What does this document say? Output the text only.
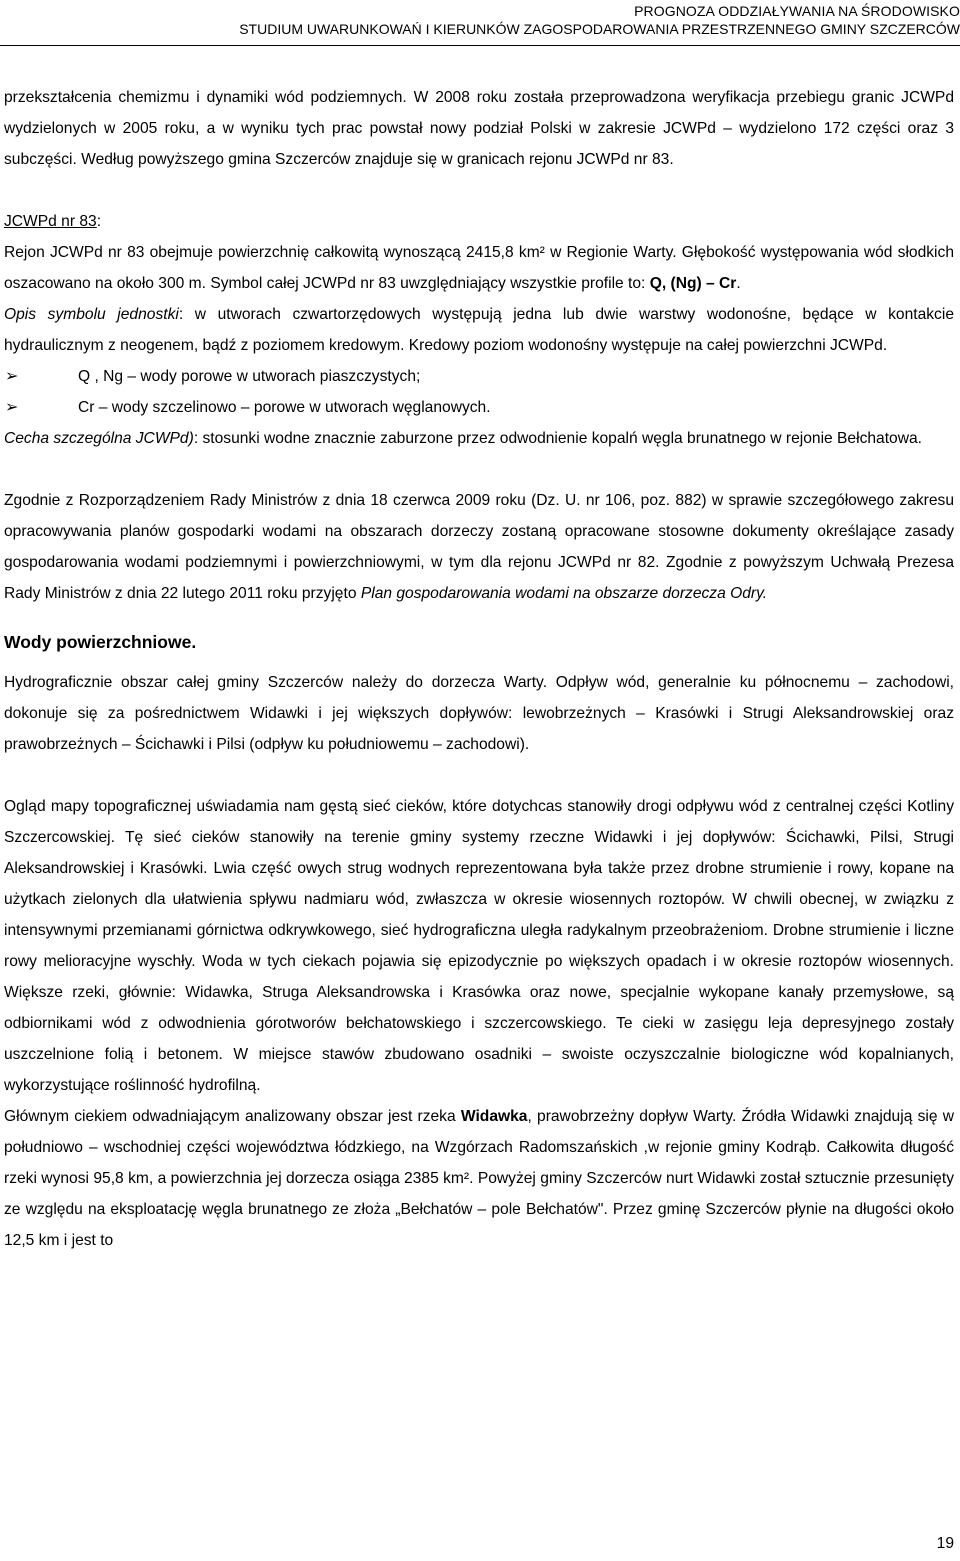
PROGNOZA ODDZIAŁYWANIA NA ŚRODOWISKO
STUDIUM UWARUNKOWAŃ I KIERUNKÓW ZAGOSPODAROWANIA PRZESTRZENNEGO GMINY SZCZERCÓW

przekształcenia chemizmu i dynamiki wód podziemnych. W 2008 roku została przeprowadzona weryfikacja przebiegu granic JCWPd wydzielonych w 2005 roku, a w wyniku tych prac powstał nowy podział Polski w zakresie JCWPd – wydzielono 172 części oraz 3 subczęści. Według powyższego gmina Szczerców znajduje się w granicach rejonu JCWPd nr 83.

JCWPd nr 83:

Rejon JCWPd nr 83 obejmuje powierzchnię całkowitą wynoszącą 2415,8 km² w Regionie Warty. Głębokość występowania wód słodkich oszacowano na około 300 m. Symbol całej JCWPd nr 83 uwzględniający wszystkie profile to: Q, (Ng) – Cr.

Opis symbolu jednostki: w utworach czwartorzędowych występują jedna lub dwie warstwy wodonośne, będące w kontakcie hydraulicznym z neogenem, bądź z poziomem kredowym. Kredowy poziom wodonośny występuje na całej powierzchni JCWPd.

➢	Q , Ng – wody porowe w utworach piaszczystych;
➢	Cr – wody szczelinowo – porowe w utworach węglanowych.

Cecha szczególna JCWPd): stosunki wodne znacznie zaburzone przez odwodnienie kopalń węgla brunatnego w rejonie Bełchatowa.

Zgodnie z Rozporządzeniem Rady Ministrów z dnia 18 czerwca 2009 roku (Dz. U. nr 106, poz. 882) w sprawie szczegółowego zakresu opracowywania planów gospodarki wodami na obszarach dorzeczy zostaną opracowane stosowne dokumenty określające zasady gospodarowania wodami podziemnymi i powierzchniowymi, w tym dla rejonu JCWPd nr 82. Zgodnie z powyższym Uchwałą Prezesa Rady Ministrów z dnia 22 lutego 2011 roku przyjęto Plan gospodarowania wodami na obszarze dorzecza Odry.

Wody powierzchniowe.

Hydrograficznie obszar całej gminy Szczerców należy do dorzecza Warty. Odpływ wód, generalnie ku północnemu – zachodowi, dokonuje się za pośrednictwem Widawki i jej większych dopływów: lewobrzeżnych – Krasówki i Strugi Aleksandrowskiej oraz prawobrzeżnych – Ścichawki i Pilsi (odpływ ku południowemu – zachodowi).

Ogląd mapy topograficznej uświadamia nam gęstą sieć cieków, które dotychcas stanowiły drogi odpływu wód z centralnej części Kotliny Szczercowskiej. Tę sieć cieków stanowiły na terenie gminy systemy rzeczne Widawki i jej dopływów: Ścichawki, Pilsi, Strugi Aleksandrowskiej i Krasówki. Lwia część owych strug wodnych reprezentowana była także przez drobne strumienie i rowy, kopane na użytkach zielonych dla ułatwienia spływu nadmiaru wód, zwłaszcza w okresie wiosennych roztopów. W chwili obecnej, w związku z intensywnymi przemianami górnictwa odkrywkowego, sieć hydrograficzna uległa radykalnym przeobrażeniom. Drobne strumienie i liczne rowy melioracyjne wyschły. Woda w tych ciekach pojawia się epizodycznie po większych opadach i w okresie roztopów wiosennych. Większe rzeki, głównie: Widawka, Struga Aleksandrowska i Krasówka oraz nowe, specjalnie wykopane kanały przemysłowe, są odbiornikami wód z odwodnienia górotworów bełchatowskiego i szczercowskiego. Te cieki w zasięgu leja depresyjnego zostały uszczelnione folią i betonem. W miejsce stawów zbudowano osadniki – swoiste oczyszczalnie biologiczne wód kopalnianych, wykorzystujące roślinność hydrofilną.

Głównym ciekiem odwadniającym analizowany obszar jest rzeka Widawka, prawobrzeżny dopływ Warty. Źródła Widawki znajdują się w południowo – wschodniej części województwa łódzkiego, na Wzgórzach Radomszańskich ,w rejonie gminy Kodrąb. Całkowita długość rzeki wynosi 95,8 km, a powierzchnia jej dorzecza osiąga 2385 km². Powyżej gminy Szczerców nurt Widawki został sztucznie przesunięty ze względu na eksploatację węgla brunatnego ze złoża „Bełchatów – pole Bełchatów". Przez gminę Szczerców płynie na długości około 12,5 km i jest to

19
